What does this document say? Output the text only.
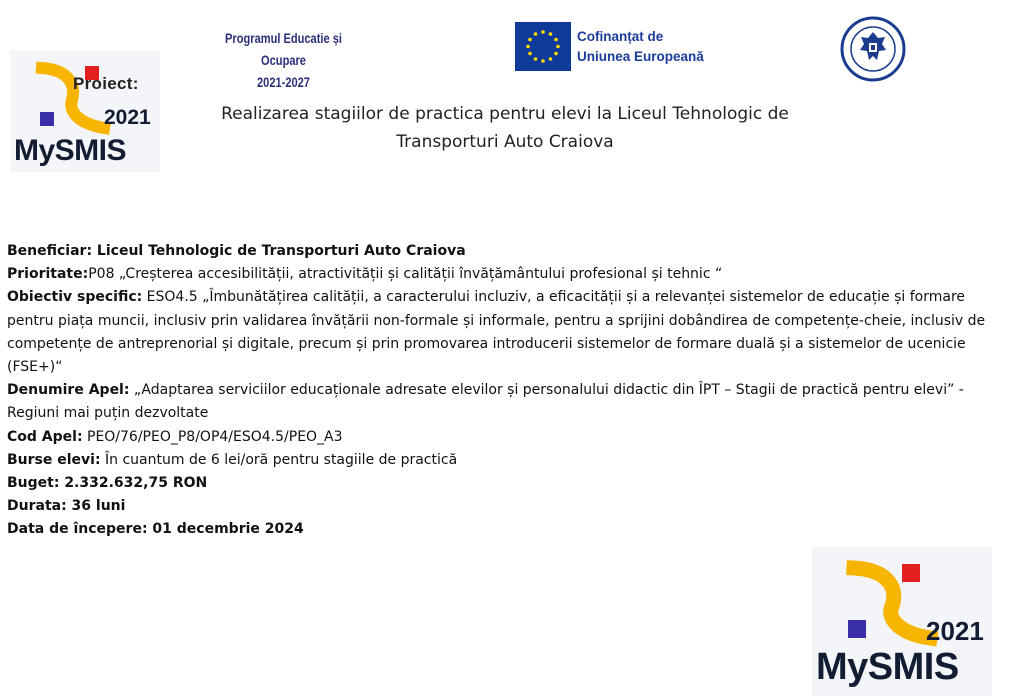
2021
MySMIS
Proiect:
Programul Educatie și Ocupare
2021-2027
Cofinanțat de
Uniunea Europeană
Realizarea stagiilor de practica pentru elevi la Liceul Tehnologic de
Transporturi Auto Craiova

Beneficiar: Liceul Tehnologic de Transporturi Auto Craiova

Prioritate:P08 „Creșterea accesibilității, atractivității și calității învățământului profesional și tehnic “

Obiectiv specific: ESO4.5 „Îmbunătățirea calității, a caracterului incluziv, a eficacității și a relevanței sistemelor de educație și formare pentru piața muncii, inclusiv prin validarea învățării non-formale și informale, pentru a sprijini dobândirea de competențe-cheie, inclusiv de competențe de antreprenorial și digitale, precum și prin promovarea introducerii sistemelor de formare duală și a sistemelor de ucenicie (FSE+)“

Denumire Apel: „Adaptarea serviciilor educaționale adresate elevilor și personalului didactic din ÎPT – Stagii de practică pentru elevi” - Regiuni mai puțin dezvoltate

Cod Apel: PEO/76/PEO_P8/OP4/ESO4.5/PEO_A3

Burse elevi: În cuantum de 6 lei/oră pentru stagiile de practică

Buget: 2.332.632,75 RON

Durata: 36 luni

Data de începere: 01 decembrie 2024

2021
MySMIS
